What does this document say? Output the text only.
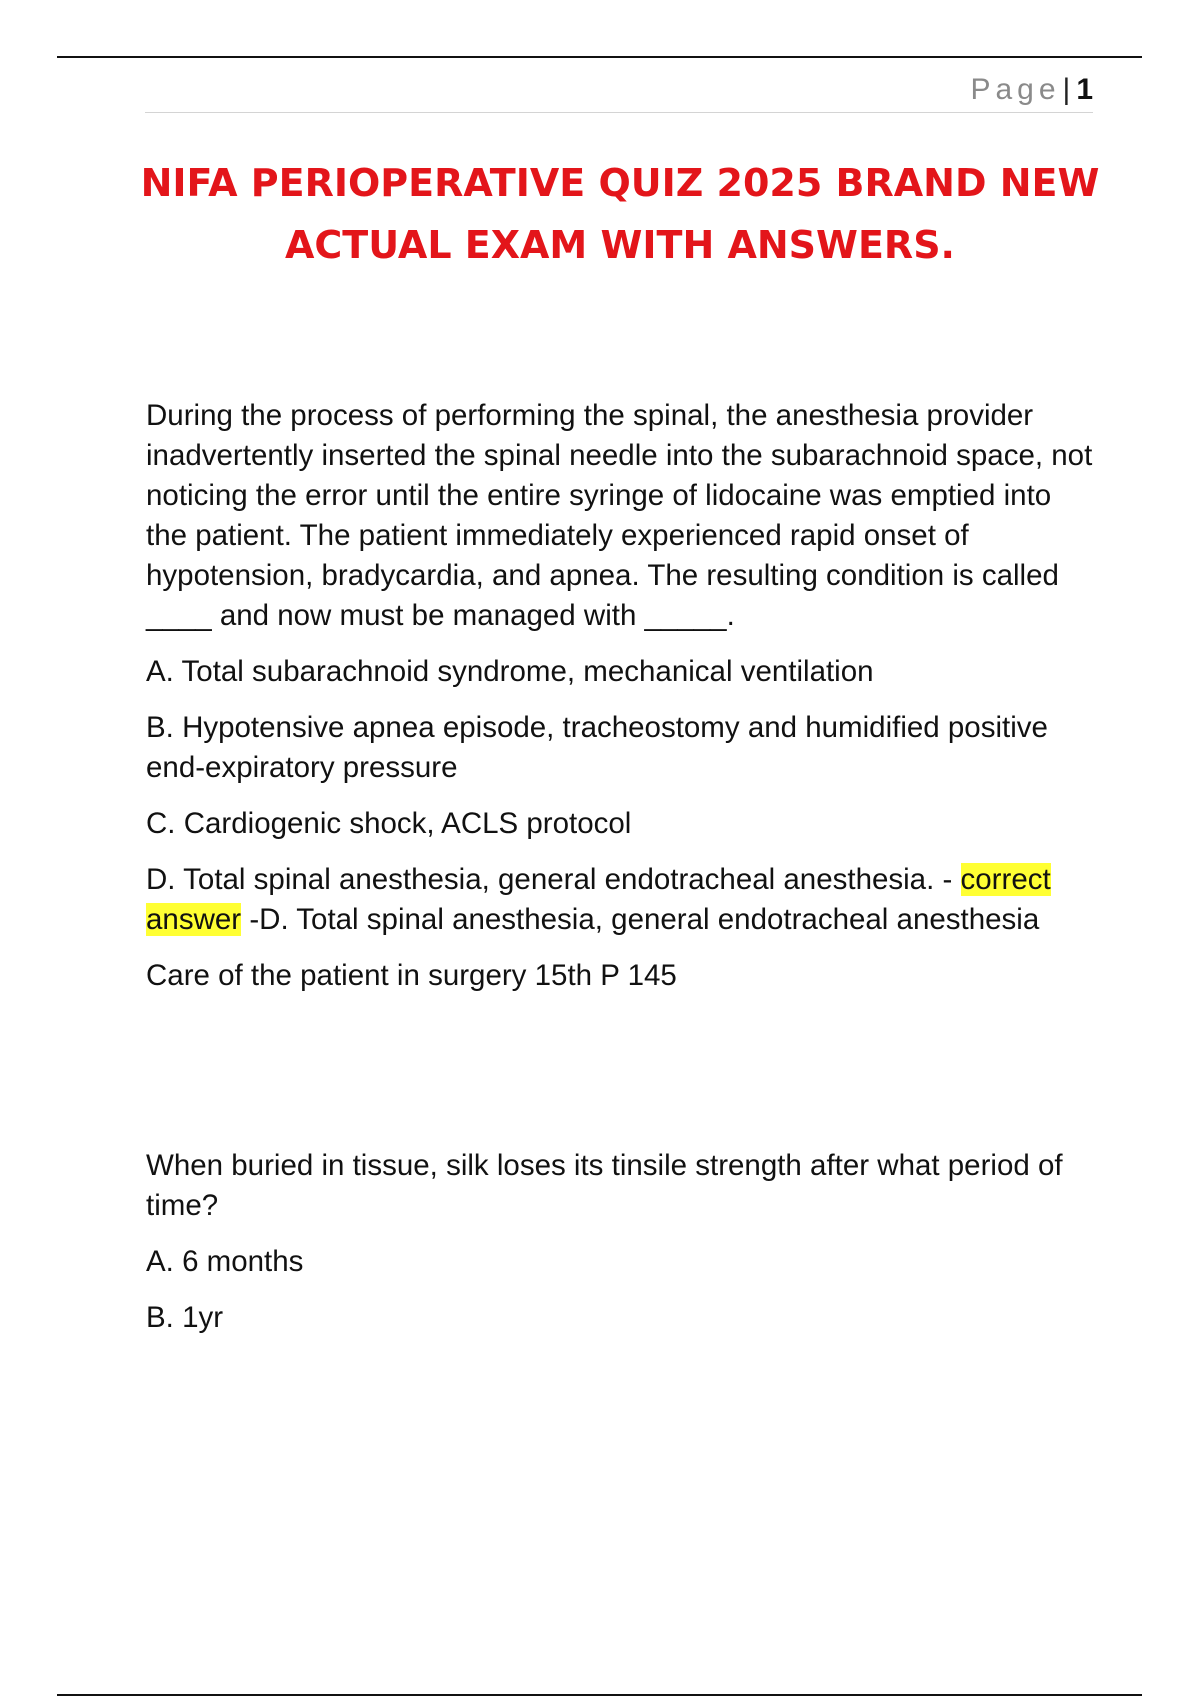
Page| 1
NIFA PERIOPERATIVE QUIZ 2025 BRAND NEW ACTUAL EXAM WITH ANSWERS.

During the process of performing the spinal, the anesthesia provider inadvertently inserted the spinal needle into the subarachnoid space, not noticing the error until the entire syringe of lidocaine was emptied into the patient. The patient immediately experienced rapid onset of hypotension, bradycardia, and apnea. The resulting condition is called ____ and now must be managed with _____.

A. Total subarachnoid syndrome, mechanical ventilation

B. Hypotensive apnea episode, tracheostomy and humidified positive end-expiratory pressure

C. Cardiogenic shock, ACLS protocol

D. Total spinal anesthesia, general endotracheal anesthesia. - correct answer -D. Total spinal anesthesia, general endotracheal anesthesia

Care of the patient in surgery 15th P 145

When buried in tissue, silk loses its tinsile strength after what period of time?

A. 6 months

B. 1yr
